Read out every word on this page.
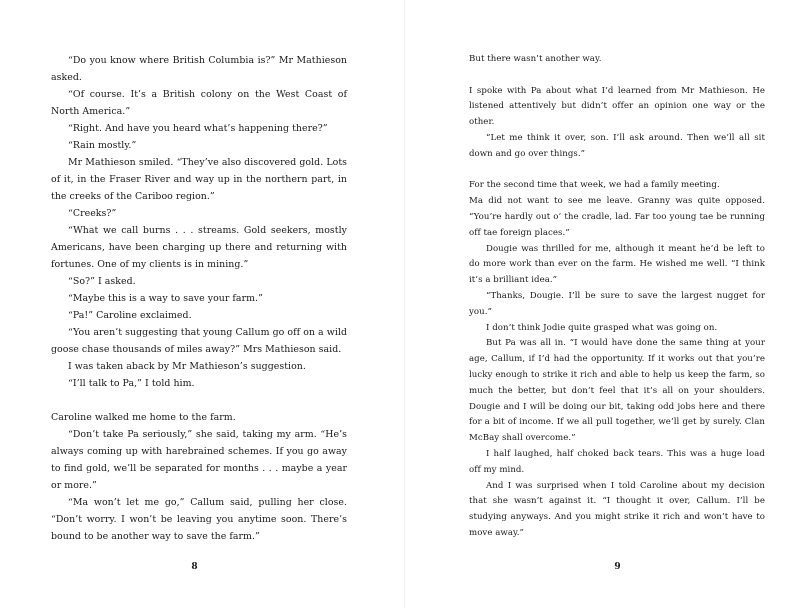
“Do you know where British Columbia is?” Mr Mathieson asked.

“Of course. It’s a British colony on the West Coast of North America.”

“Right. And have you heard what’s happening there?”

“Rain mostly.”

Mr Mathieson smiled. “They’ve also discovered gold. Lots of it, in the Fraser River and way up in the northern part, in the creeks of the Cariboo region.”

“Creeks?”

“What we call burns . . . streams. Gold seekers, mostly Americans, have been charging up there and returning with fortunes. One of my clients is in mining.”

“So?” I asked.

“Maybe this is a way to save your farm.”

“Pa!” Caroline exclaimed.

“You aren’t suggesting that young Callum go off on a wild goose chase thousands of miles away?” Mrs Mathieson said.

I was taken aback by Mr Mathieson’s suggestion.

“I’ll talk to Pa,” I told him.

Caroline walked me home to the farm.

“Don’t take Pa seriously,” she said, taking my arm. “He’s always coming up with harebrained schemes. If you go away to find gold, we’ll be separated for months . . . maybe a year or more.”

“Ma won’t let me go,” Callum said, pulling her close. “Don’t worry. I won’t be leaving you anytime soon. There’s bound to be another way to save the farm.”

8

But there wasn’t another way.

I spoke with Pa about what I’d learned from Mr Mathieson. He listened attentively but didn’t offer an opinion one way or the other.

“Let me think it over, son. I’ll ask around. Then we’ll all sit down and go over things.”

For the second time that week, we had a family meeting.

Ma did not want to see me leave. Granny was quite opposed. “You’re hardly out o’ the cradle, lad. Far too young tae be running off tae foreign places.”

Dougie was thrilled for me, although it meant he’d be left to do more work than ever on the farm. He wished me well. “I think it’s a brilliant idea.”

“Thanks, Dougie. I’ll be sure to save the largest nugget for you.”

I don’t think Jodie quite grasped what was going on.

But Pa was all in. “I would have done the same thing at your age, Callum, if I’d had the opportunity. If it works out that you’re lucky enough to strike it rich and able to help us keep the farm, so much the better, but don’t feel that it’s all on your shoulders. Dougie and I will be doing our bit, taking odd jobs here and there for a bit of income. If we all pull together, we’ll get by surely. Clan McBay shall overcome.”

I half laughed, half choked back tears. This was a huge load off my mind.

And I was surprised when I told Caroline about my decision that she wasn’t against it. “I thought it over, Callum. I’ll be studying anyways. And you might strike it rich and won’t have to move away.”

9
